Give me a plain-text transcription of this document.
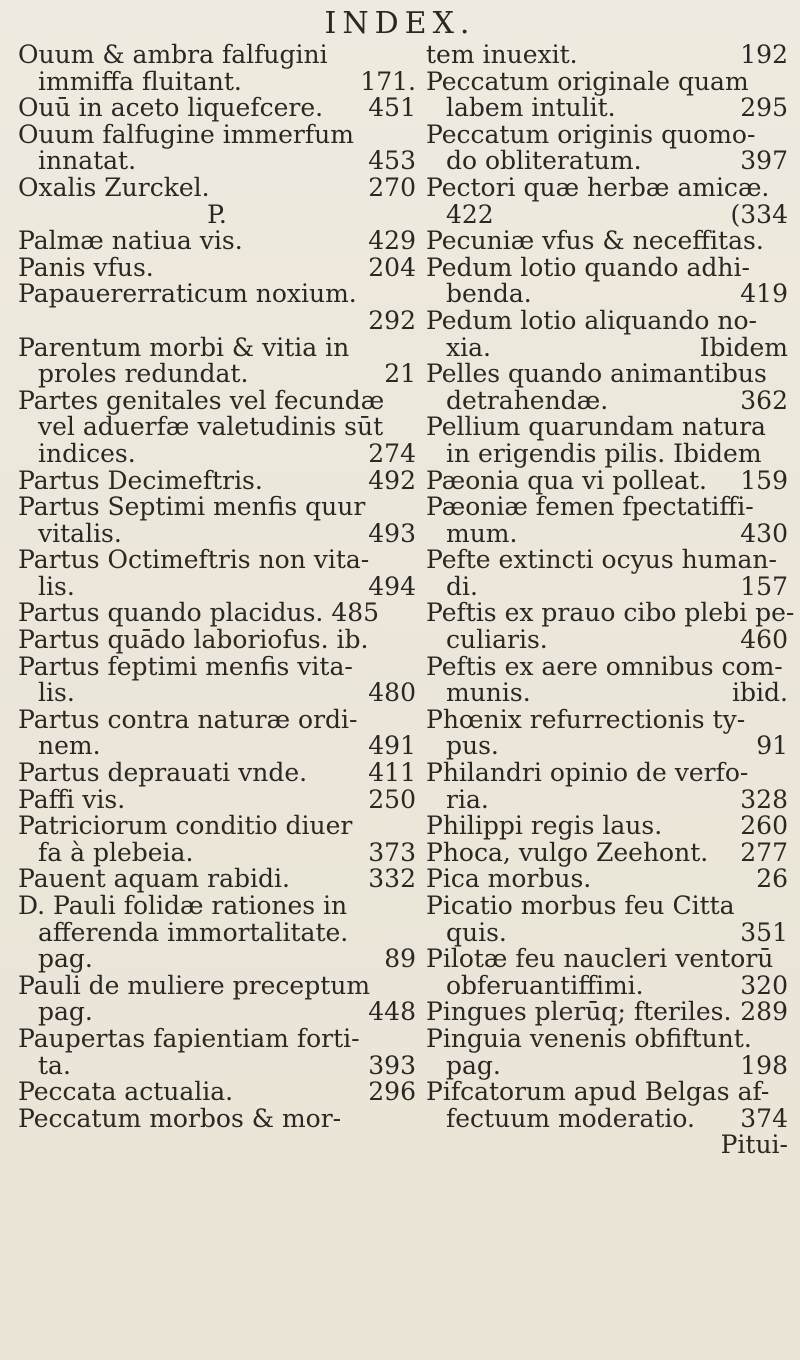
INDEX.
Ouum & ambra falfugini
immiffa fluitant.	171.
Ouū in aceto liquefcere. 451
Ouum falfugine immerfum
innatat.	453
Oxalis Zurckel.	270
P.
Palmæ natiua vis.	429
Panis vfus.	204
Papauererraticum noxium.
292
Parentum morbi & vitia in
proles redundat.	21
Partes genitales vel fecundæ
vel aduerfæ valetudinis sūt
indices.	274
Partus Decimeftris.	492
Partus Septimi menfis quur
vitalis.	493
Partus Octimeftris non vita-
lis.	494
Partus quando placidus. 485
Partus quādo laboriofus. ib.
Partus feptimi menfis vita-
lis.	480
Partus contra naturæ ordi-
nem.	491
Partus deprauati vnde. 411
Paffi vis.	250
Patriciorum conditio diuer
fa à plebeia.	373
Pauent aquam rabidi.	332
D. Pauli folidæ rationes in
afferenda immortalitate.
pag.	89
Pauli de muliere preceptum
pag.	448
Paupertas fapientiam forti-
ta.	393
Peccata actualia.	296
Peccatum morbos & mor-
tem inuexit.	192
Peccatum originale quam
labem intulit.	295
Peccatum originis quomo-
do obliteratum.	397
Pectori quæ herbæ amicæ.
422	(334
Pecuniæ vfus & neceffitas.
Pedum lotio quando adhi-
benda.	419
Pedum lotio aliquando no-
xia.	Ibidem
Pelles quando animantibus
detrahendæ.	362
Pellium quarundam natura
in erigendis pilis. Ibidem
Pæonia qua vi polleat. 159
Pæoniæ femen fpectatiffi-
mum.	430
Pefte extincti ocyus human-
di.	157
Peftis ex prauo cibo plebi pe-
culiaris.	460
Peftis ex aere omnibus com-
munis.	ibid.
Phœnix refurrectionis ty-
pus.	91
Philandri opinio de verfo-
ria.	328
Philippi regis laus.	260
Phoca, vulgo Zeehont. 277
Pica morbus.	26
Picatio morbus feu Citta
quis.	351
Pilotæ feu naucleri ventorū
obferuantiffimi.	320
Pingues plerūq; fteriles. 289
Pinguia venenis obfiftunt.
pag.	198
Pifcatorum apud Belgas af-
fectuum moderatio. 374
Pitui-
